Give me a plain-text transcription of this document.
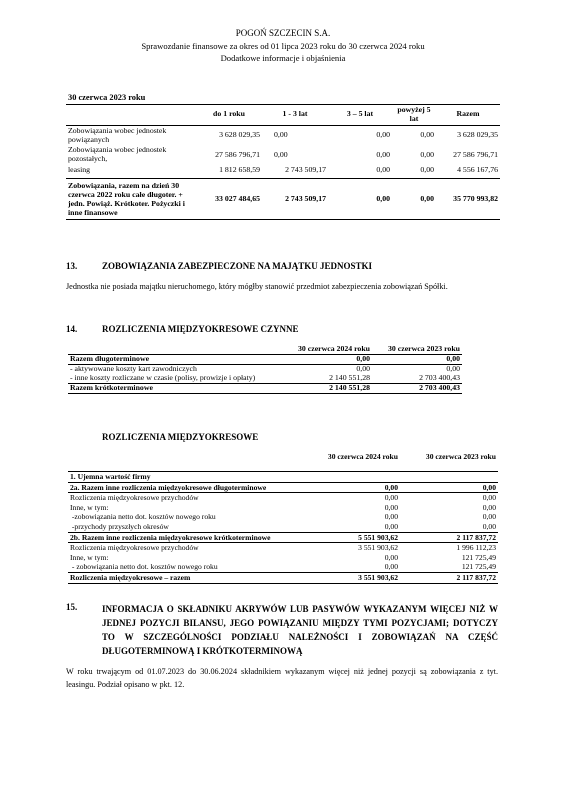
POGOŃ SZCZECIN S.A.
Sprawozdanie finansowe za okres od 01 lipca 2023 roku do 30 czerwca 2024 roku
Dodatkowe informacje i objaśnienia
30 czerwca 2023 roku					
	do 1 roku	1 - 3 lat	3 – 5 lat	powyżej 5 lat	Razem
Zobowiązania wobec jednostek powiązanych	3 628 029,35	0,00	0,00	0,00	3 628 029,35
Zobowiązania wobec jednostek pozostałych,	27 586 796,71	0,00	0,00	0,00	27 586 796,71
leasing	1 812 658,59	2 743 509,17	0,00	0,00	4 556 167,76
Zobowiązania, razem na dzień 30 czerwca 2022 roku całe długoter. + jedn. Powiąż. Krótkoter. Pożyczki i inne finansowe	33 027 484,65	2 743 509,17	0,00	0,00	35 770 993,82
13.	ZOBOWIĄZANIA ZABEZPIECZONE NA MAJĄTKU JEDNOSTKI
Jednostka nie posiada majątku nieruchomego, który mógłby stanowić przedmiot zabezpieczenia zobowiązań Spółki.
14.	ROZLICZENIA MIĘDZYOKRESOWE CZYNNE
	30 czerwca 2024 roku	30 czerwca 2023 roku
Razem długoterminowe	0,00	0,00
- aktywowane koszty kart zawodniczych	0,00	0,00
- inne koszty rozliczane w czasie (polisy, prowizje i opłaty)	2 140 551,28	2 703 400,43
Razem krótkoterminowe	2 140 551,28	2 703 400,43
ROZLICZENIA MIĘDZYOKRESOWE
	30 czerwca 2024 roku	30 czerwca 2023 roku

1. Ujemna wartość firmy		
2a. Razem inne rozliczenia międzyokresowe długoterminowe	0,00	0,00
Rozliczenia międzyokresowe przychodów	0,00	0,00
Inne, w tym:	0,00	0,00
-zobowiązania netto dot. kosztów nowego roku	0,00	0,00
-przychody przyszłych okresów	0,00	0,00
2b. Razem inne rozliczenia międzyokresowe krótkoterminowe	5 551 903,62	2 117 837,72
Rozliczenia międzyokresowe przychodów	3 551 903,62	1 996 112,23
Inne, w tym:	0,00	121 725,49
- zobowiązania netto dot. kosztów nowego roku	0,00	121 725,49
Rozliczenia międzyokresowe – razem	3 551 903,62	2 117 837,72
15.	INFORMACJA O SKŁADNIKU AKRYWÓW LUB PASYWÓW WYKAZANYM WIĘCEJ NIŻ W JEDNEJ POZYCJI BILANSU, JEGO POWIĄZANIU MIĘDZY TYMI POZYCJAMI; DOTYCZY TO W SZCZEGÓLNOŚCI PODZIAŁU NALEŻNOŚCI I ZOBOWIĄZAŃ NA CZĘŚĆ DŁUGOTERMINOWĄ I KRÓTKOTERMINOWĄ
W roku trwającym od 01.07.2023 do 30.06.2024 składnikiem wykazanym więcej niż jednej pozycji są zobowiązania z tyt. leasingu. Podział opisano w pkt. 12.
